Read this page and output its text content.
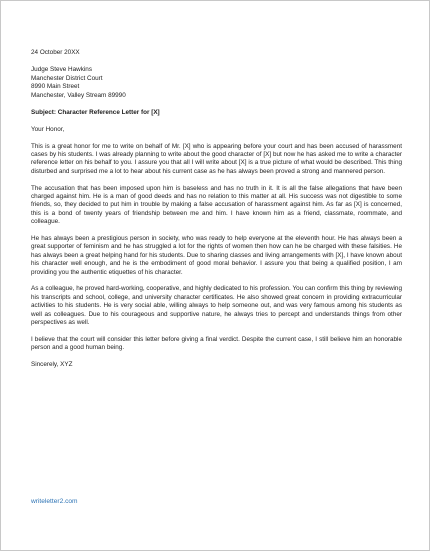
24 October 20XX
Judge Steve Hawkins
Manchester District Court
8990 Main Street
Manchester, Valley Stream 89990
Subject: Character Reference Letter for [X]
Your Honor,

This is a great honor for me to write on behalf of Mr. [X] who is appearing before your court and has been accused of harassment cases by his students. I was already planning to write about the good character of [X] but now he has asked me to write a character reference letter on his behalf to you. I assure you that all I will write about [X] is a true picture of what would be described. This thing disturbed and surprised me a lot to hear about his current case as he has always been proved a strong and mannered person.

The accusation that has been imposed upon him is baseless and has no truth in it. It is all the false allegations that have been charged against him. He is a man of good deeds and has no relation to this matter at all. His success was not digestible to some friends, so, they decided to put him in trouble by making a false accusation of harassment against him. As far as [X] is concerned, this is a bond of twenty years of friendship between me and him. I have known him as a friend, classmate, roommate, and colleague.

He has always been a prestigious person in society, who was ready to help everyone at the eleventh hour. He has always been a great supporter of feminism and he has struggled a lot for the rights of women then how can he be charged with these falsities. He has always been a great helping hand for his students. Due to sharing classes and living arrangements with [X], I have known about his character well enough, and he is the embodiment of good moral behavior. I assure you that being a qualified position, I am providing you the authentic etiquettes of his character.

As a colleague, he proved hard-working, cooperative, and highly dedicated to his profession. You can confirm this thing by reviewing his transcripts and school, college, and university character certificates. He also showed great concern in providing extracurricular activities to his students. He is very social able, willing always to help someone out, and was very famous among his students as well as colleagues. Due to his courageous and supportive nature, he always tries to percept and understands things from other perspectives as well.

I believe that the court will consider this letter before giving a final verdict. Despite the current case, I still believe him an honorable person and a good human being.

Sincerely, XYZ
writeletter2.com
